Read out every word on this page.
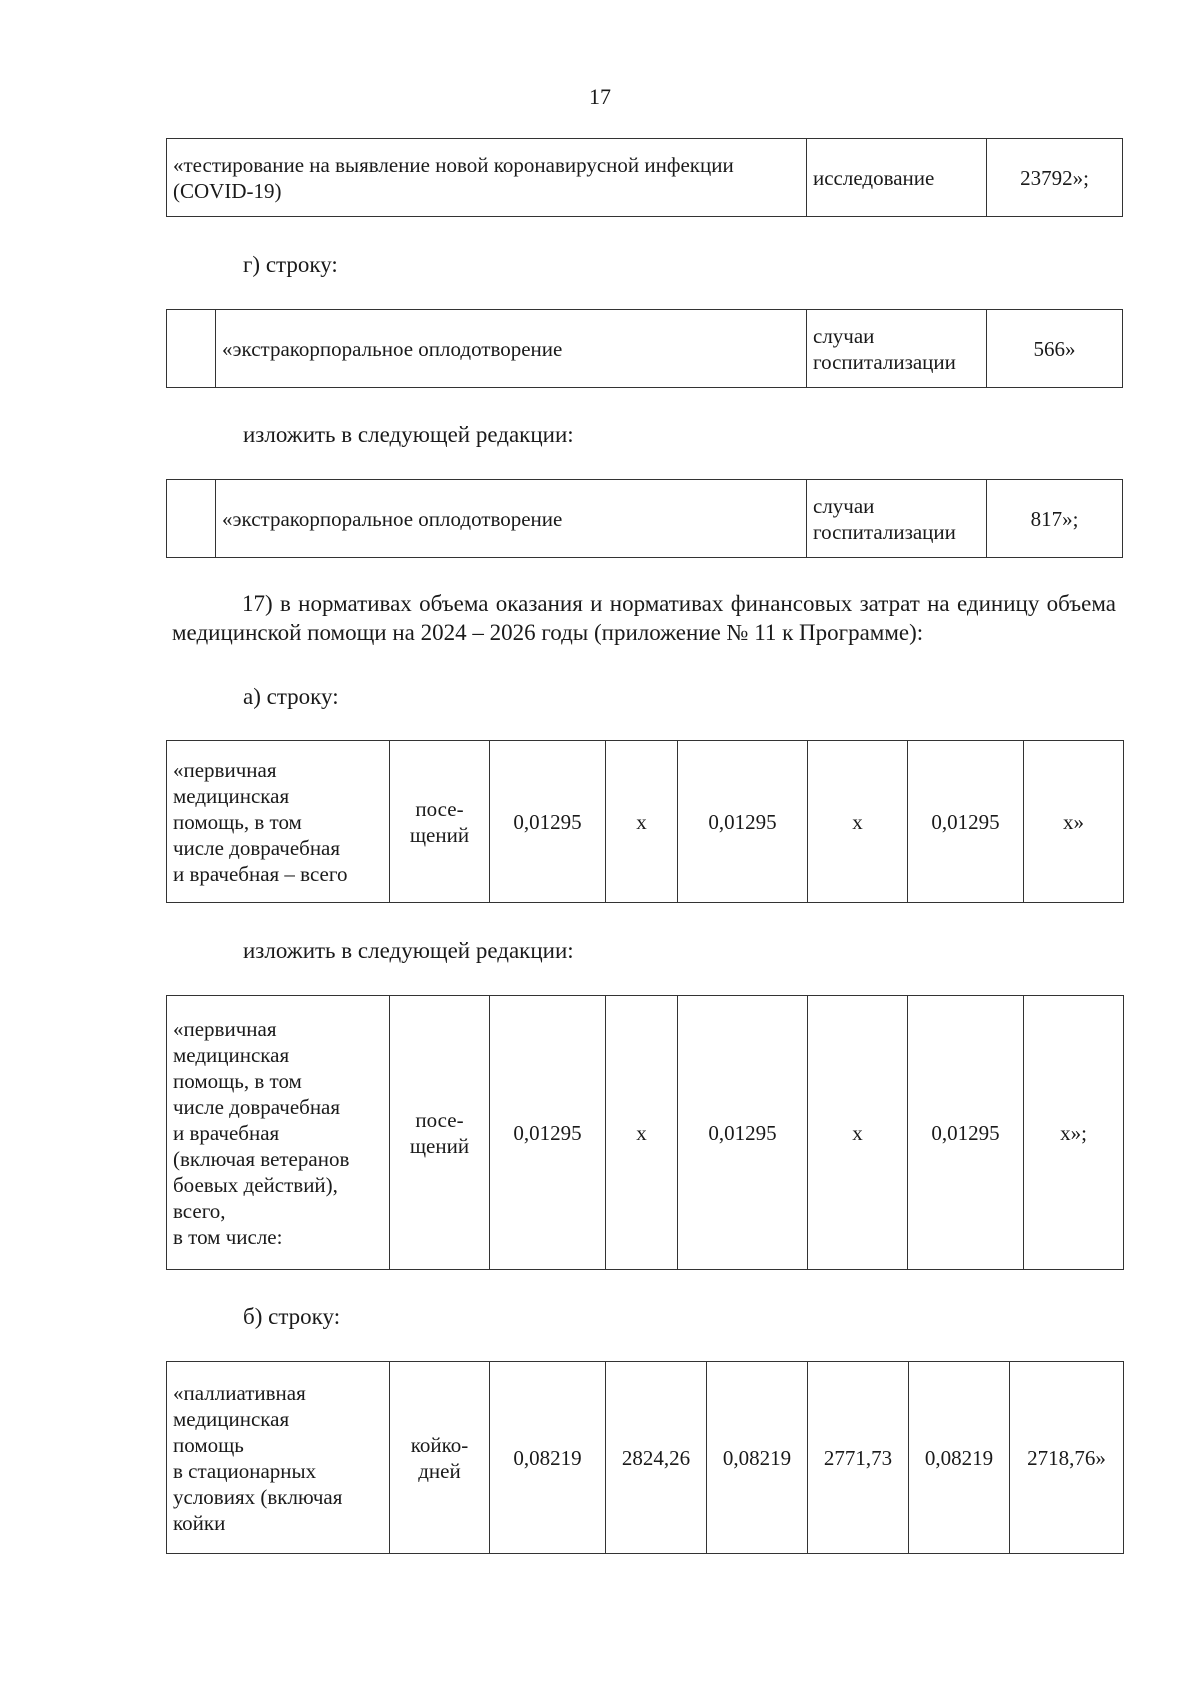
17
«тестирование на выявление новой коронавирусной инфекции (COVID-19)	исследование	23792»;
г) строку:
	«экстракорпоральное оплодотворение	случаи
госпитализации	566»
изложить в следующей редакции:
	«экстракорпоральное оплодотворение	случаи
госпитализации	817»;
17) в нормативах объема оказания и нормативах финансовых затрат на единицу объема медицинской помощи на 2024 – 2026 годы (приложение № 11 к Программе):
а) строку:
«первичная
медицинская
помощь, в том
числе доврачебная
и врачебная – всего	посе-
щений	0,01295	х	0,01295	х	0,01295	х»
изложить в следующей редакции:
«первичная
медицинская
помощь, в том
числе доврачебная
и врачебная
(включая ветеранов
боевых действий),
всего,
в том числе:	посе-
щений	0,01295	х	0,01295	х	0,01295	х»;
б) строку:
«паллиативная
медицинская
помощь
в стационарных
условиях (включая
койки	койко-
дней	0,08219	2824,26	0,08219	2771,73	0,08219	2718,76»
